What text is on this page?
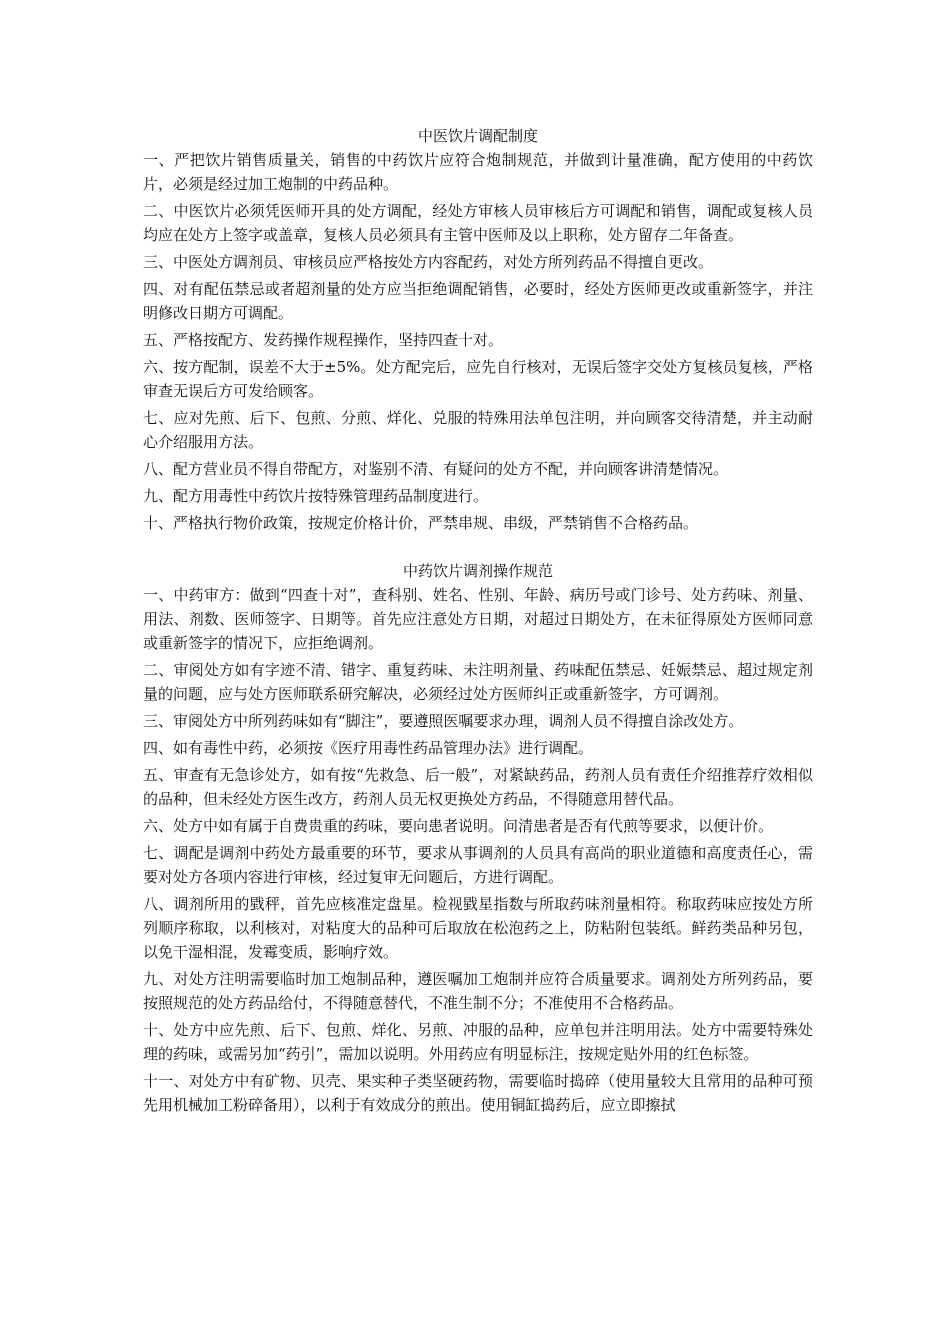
中医饮片调配制度

一、严把饮片销售质量关，销售的中药饮片应符合炮制规范，并做到计量准确，配方使用的中药饮片，必须是经过加工炮制的中药品种。

二、中医饮片必须凭医师开具的处方调配，经处方审核人员审核后方可调配和销售，调配或复核人员均应在处方上签字或盖章，复核人员必须具有主管中医师及以上职称，处方留存二年备查。

三、中医处方调剂员、审核员应严格按处方内容配药，对处方所列药品不得擅自更改。

四、对有配伍禁忌或者超剂量的处方应当拒绝调配销售，必要时，经处方医师更改或重新签字，并注明修改日期方可调配。

五、严格按配方、发药操作规程操作，坚持四查十对。

六、按方配制，误差不大于±5%。处方配完后，应先自行核对，无误后签字交处方复核员复核，严格审查无误后方可发给顾客。

七、应对先煎、后下、包煎、分煎、烊化、兑服的特殊用法单包注明，并向顾客交待清楚，并主动耐心介绍服用方法。

八、配方营业员不得自带配方，对鉴别不清、有疑问的处方不配，并向顾客讲清楚情况。

九、配方用毒性中药饮片按特殊管理药品制度进行。

十、严格执行物价政策，按规定价格计价，严禁串规、串级，严禁销售不合格药品。

中药饮片调剂操作规范

一、中药审方：做到“四查十对”，查科别、姓名、性别、年龄、病历号或门诊号、处方药味、剂量、用法、剂数、医师签字、日期等。首先应注意处方日期，对超过日期处方，在未征得原处方医师同意或重新签字的情况下，应拒绝调剂。

二、审阅处方如有字迹不清、错字、重复药味、未注明剂量、药味配伍禁忌、妊娠禁忌、超过规定剂量的问题，应与处方医师联系研究解决，必须经过处方医师纠正或重新签字，方可调剂。

三、审阅处方中所列药味如有“脚注”，要遵照医嘱要求办理，调剂人员不得擅自涂改处方。

四、如有毒性中药，必须按《医疗用毒性药品管理办法》进行调配。

五、审查有无急诊处方，如有按“先救急、后一般”，对紧缺药品，药剂人员有责任介绍推荐疗效相似的品种，但未经处方医生改方，药剂人员无权更换处方药品，不得随意用替代品。

六、处方中如有属于自费贵重的药味，要向患者说明。问清患者是否有代煎等要求，以便计价。

七、调配是调剂中药处方最重要的环节，要求从事调剂的人员具有高尚的职业道德和高度责任心，需要对处方各项内容进行审核，经过复审无问题后，方进行调配。

八、调剂所用的戥秤，首先应核准定盘星。检视戥星指数与所取药味剂量相符。称取药味应按处方所列顺序称取，以利核对，对粘度大的品种可后取放在松泡药之上，防粘附包装纸。鲜药类品种另包，以免干湿相混，发霉变质，影响疗效。

九、对处方注明需要临时加工炮制品种，遵医嘱加工炮制并应符合质量要求。调剂处方所列药品，要按照规范的处方药品给付，不得随意替代，不准生制不分；不准使用不合格药品。

十、处方中应先煎、后下、包煎、烊化、另煎、冲服的品种，应单包并注明用法。处方中需要特殊处理的药味，或需另加“药引”，需加以说明。外用药应有明显标注，按规定贴外用的红色标签。

十一、对处方中有矿物、贝壳、果实种子类坚硬药物，需要临时捣碎（使用量较大且常用的品种可预先用机械加工粉碎备用），以利于有效成分的煎出。使用铜缸捣药后，应立即擦拭
